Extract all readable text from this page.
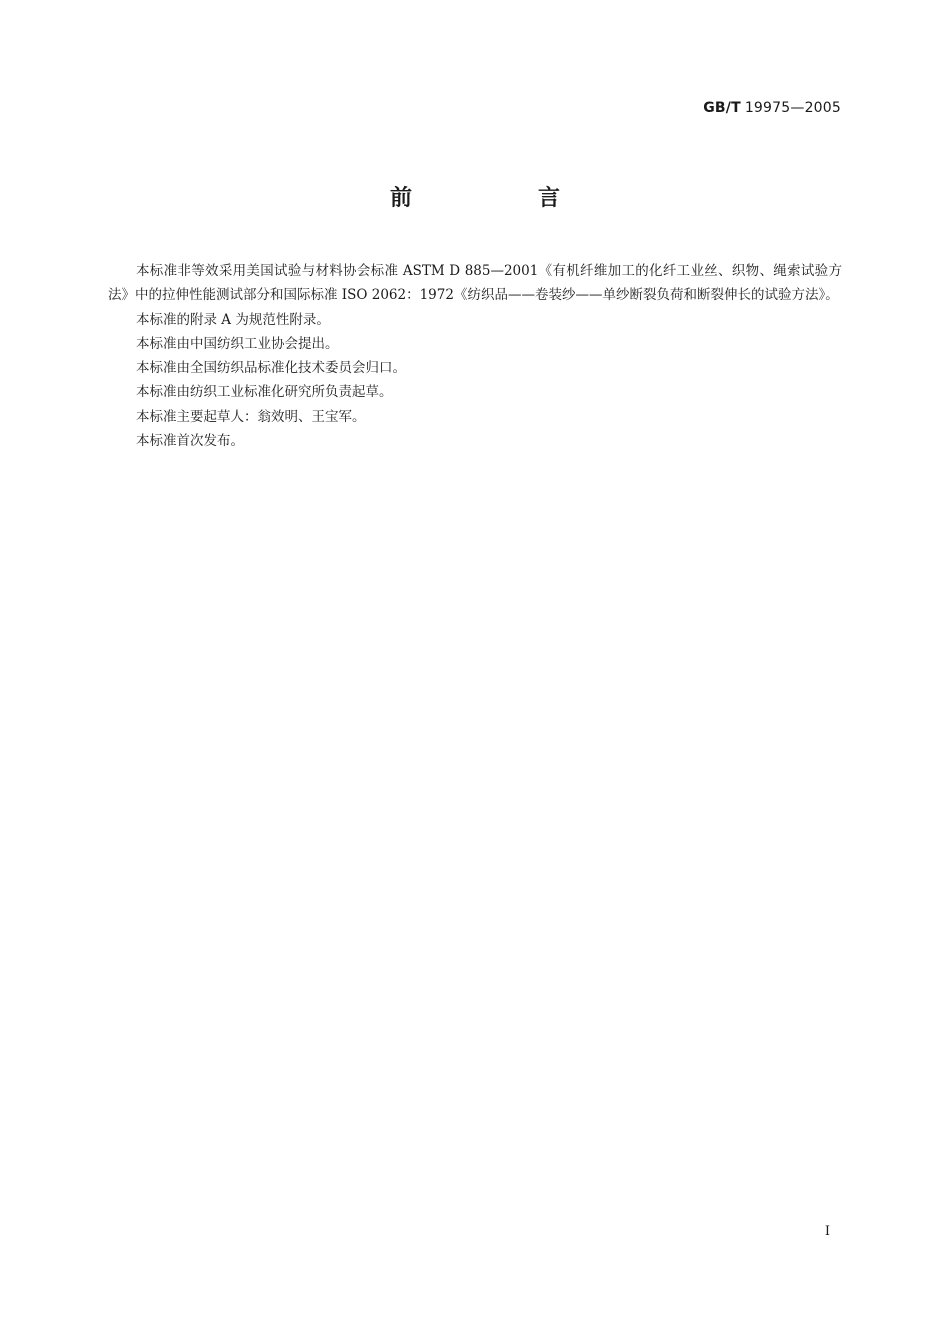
GB/T 19975—2005
前　言

本标准非等效采用美国试验与材料协会标准 ASTM D 885—2001《有机纤维加工的化纤工业丝、织物、绳索试验方法》中的拉伸性能测试部分和国际标准 ISO 2062：1972《纺织品——卷装纱——单纱断裂负荷和断裂伸长的试验方法》。

本标准的附录 A 为规范性附录。

本标准由中国纺织工业协会提出。

本标准由全国纺织品标准化技术委员会归口。

本标准由纺织工业标准化研究所负责起草。

本标准主要起草人：翁效明、王宝军。

本标准首次发布。

I
